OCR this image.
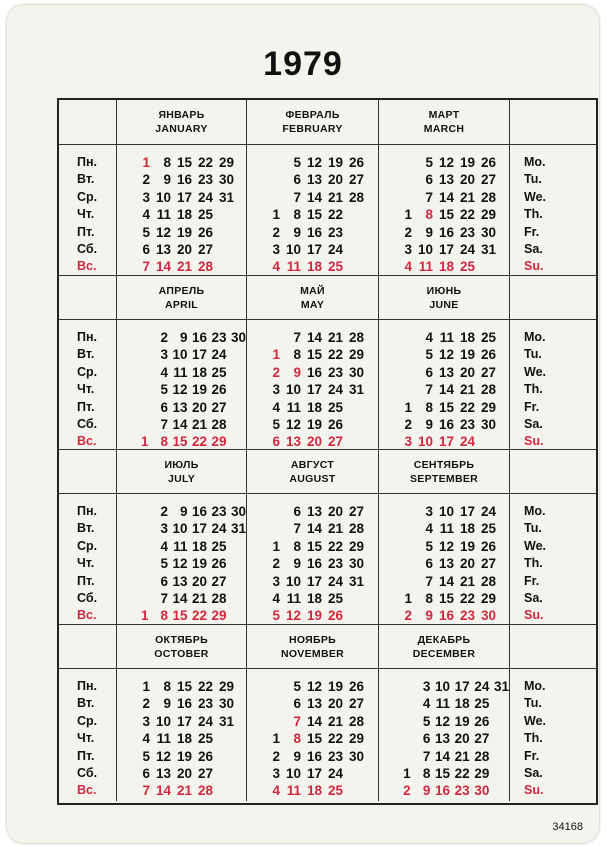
1979
Пн.
Вт.
Ср.
Чт.
Пт.
Сб.
Вс.
Mo.
Tu.
We.
Th.
Fr.
Sa.
Su.
ЯНВАРЬ
JANUARY
1 8 15 22 29
2 9 16 23 30
3 10 17 24 31
4 11 18 25
5 12 19 26
6 13 20 27
7 14 21 28
ФЕВРАЛЬ
FEBRUARY
5 12 19 26
6 13 20 27
7 14 21 28
1 8 15 22
2 9 16 23
3 10 17 24
4 11 18 25
МАРТ
MARCH
5 12 19 26
6 13 20 27
7 14 21 28
1 8 15 22 29
2 9 16 23 30
3 10 17 24 31
4 11 18 25
Пн.
Вт.
Ср.
Чт.
Пт.
Сб.
Вс.
Mo.
Tu.
We.
Th.
Fr.
Sa.
Su.
АПРЕЛЬ
APRIL
2 9 16 23 30
3 10 17 24
4 11 18 25
5 12 19 26
6 13 20 27
7 14 21 28
1 8 15 22 29
МАЙ
MAY
7 14 21 28
1 8 15 22 29
2 9 16 23 30
3 10 17 24 31
4 11 18 25
5 12 19 26
6 13 20 27
ИЮНЬ
JUNE
4 11 18 25
5 12 19 26
6 13 20 27
7 14 21 28
1 8 15 22 29
2 9 16 23 30
3 10 17 24
Пн.
Вт.
Ср.
Чт.
Пт.
Сб.
Вс.
Mo.
Tu.
We.
Th.
Fr.
Sa.
Su.
ИЮЛЬ
JULY
2 9 16 23 30
3 10 17 24 31
4 11 18 25
5 12 19 26
6 13 20 27
7 14 21 28
1 8 15 22 29
АВГУСТ
AUGUST
6 13 20 27
7 14 21 28
1 8 15 22 29
2 9 16 23 30
3 10 17 24 31
4 11 18 25
5 12 19 26
СЕНТЯБРЬ
SEPTEMBER
3 10 17 24
4 11 18 25
5 12 19 26
6 13 20 27
7 14 21 28
1 8 15 22 29
2 9 16 23 30
Пн.
Вт.
Ср.
Чт.
Пт.
Сб.
Вс.
Mo.
Tu.
We.
Th.
Fr.
Sa.
Su.
ОКТЯБРЬ
OCTOBER
1 8 15 22 29
2 9 16 23 30
3 10 17 24 31
4 11 18 25
5 12 19 26
6 13 20 27
7 14 21 28
НОЯБРЬ
NOVEMBER
5 12 19 26
6 13 20 27
7 14 21 28
1 8 15 22 29
2 9 16 23 30
3 10 17 24
4 11 18 25
ДЕКАБРЬ
DECEMBER
3 10 17 24 31
4 11 18 25
5 12 19 26
6 13 20 27
7 14 21 28
1 8 15 22 29
2 9 16 23 30
34168
